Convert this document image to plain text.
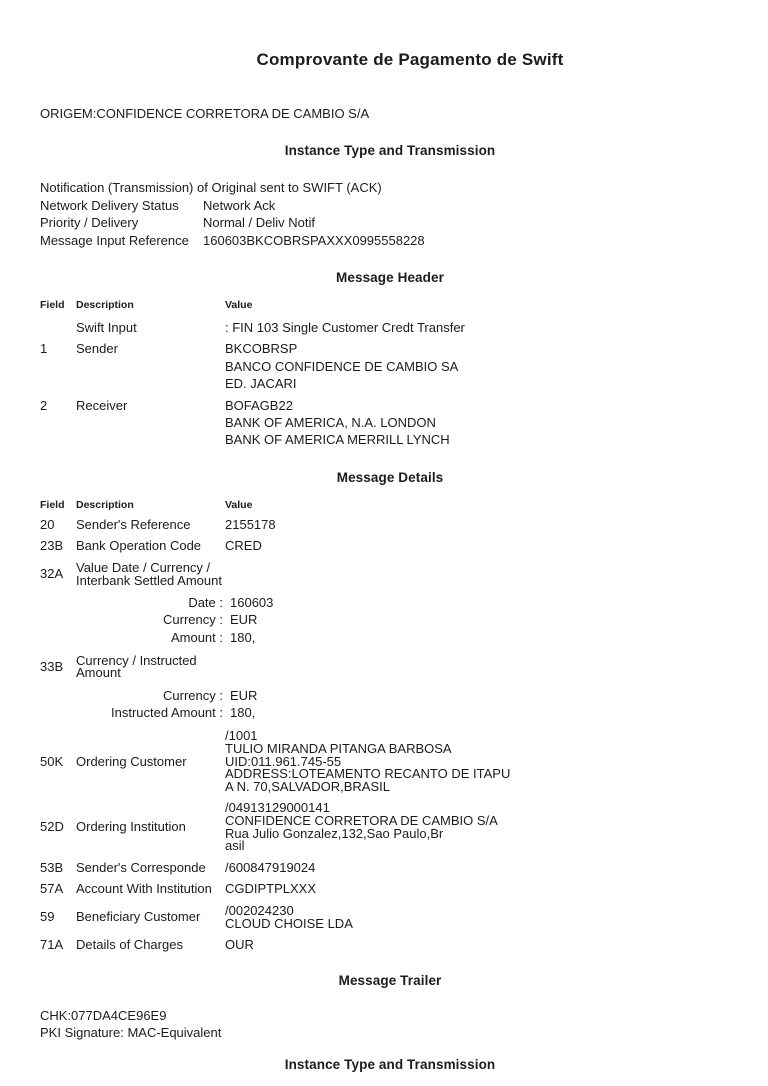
Comprovante de Pagamento de Swift
ORIGEM:CONFIDENCE CORRETORA DE CAMBIO S/A
Instance Type and Transmission
Notification (Transmission) of Original sent to SWIFT (ACK)
Network Delivery Status	Network Ack
Priority / Delivery	Normal / Deliv Notif
Message Input Reference	160603BKCOBRSPAXXX0995558228
Message Header
Field	Description	Value
Swift Input	: FIN 103 Single Customer Credt Transfer
1	Sender	BKCOBRSP
BANCO CONFIDENCE DE CAMBIO SA
ED. JACARI
2	Receiver	BOFAGB22
BANK OF AMERICA, N.A. LONDON
BANK OF AMERICA MERRILL LYNCH
Message Details
Field	Description	Value
20	Sender's Reference	2155178
23B Bank Operation Code	CRED
32A Value Date / Currency /
Interbank Settled Amount
Date : 160603
Currency : EUR
Amount : 180,
33B Currency / Instructed
Amount
Currency : EUR
Instructed Amount : 180,
50K Ordering Customer
/1001
TULIO MIRANDA PITANGA BARBOSA
UID:011.961.745-55
ADDRESS:LOTEAMENTO RECANTO DE ITAPU
A N. 70,SALVADOR,BRASIL
52D Ordering Institution
/04913129000141
CONFIDENCE CORRETORA DE CAMBIO S/A
Rua Julio Gonzalez,132,Sao Paulo,Br
asil
53B Sender's Corresponde	/600847919024
57A Account With Institution	CGDIPTPLXXX
59	Beneficiary Customer	/002024230
CLOUD CHOISE LDA
71A Details of Charges	OUR
Message Trailer
CHK:077DA4CE96E9
PKI Signature: MAC-Equivalent
Instance Type and Transmission
